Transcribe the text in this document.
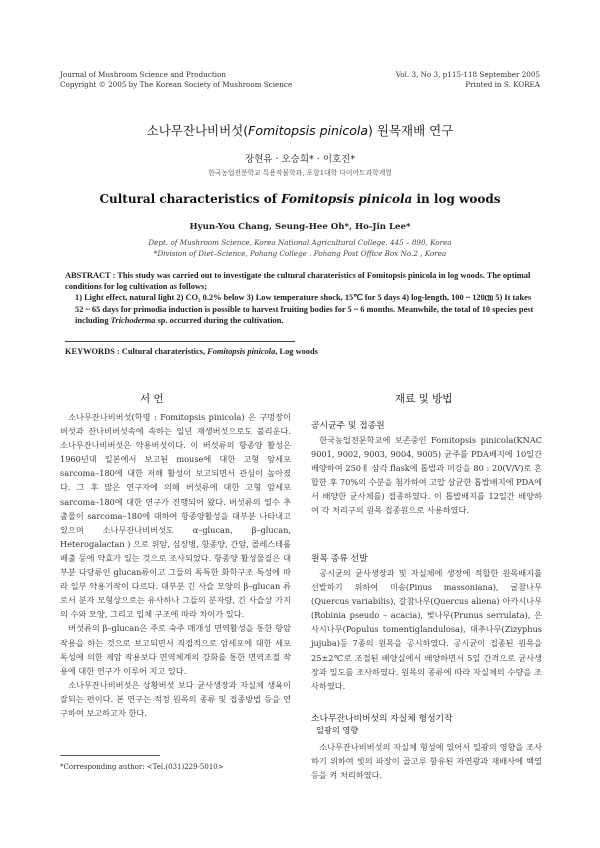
Journal of Mushroom Science and Production
Copyright © 2005 by The Korean Society of Mushroom Science
Vol. 3, No 3, p115-118 September 2005
Printed in S. KOREA
소나무잔나비버섯(Fomitopsis pinicola) 원목재배 연구
장현유 · 오승희* · 이호진*
한국농업전문학교 특용작물학과, 포항1대학 다이어트과학계열
Cultural characteristics of Fomitopsis pinicola in log woods
Hyun-You Chang, Seung-Hee Oh*, Ho-Jin Lee*
Dept. of Mushroom Science, Korea National Agricultural College. 445 – 890, Korea
*Division of Diet–Science, Pohang College . Pohang Post Office Box No.2 , Korea

ABSTRACT : This study was carried out to investigate the cultural charateristics of Fomitopsis pinicola in log woods. The optimal conditions for log cultivation as follows;

1) Light effect, natural light 2) CO₂ 0.2% below 3) Low temperature shock, 15℃ for 5 days 4) log-length, 100 ~ 120㎝ 5) It takes 52 ~ 65 days for primodia induction is possible to harvest fruiting bodies for 5 ~ 6 months. Meanwhile, the total of 10 species pest including Trichoderma sp. occurred during the cultivation.

KEYWORDS : Cultural charateristics, Fomitopsis pinicola, Log woods
서 언

소나무잔나비버섯(학명 : Fomitopsis pinicola) 은 구멍장이버섯과 잔나비버섯속에 속하는 일년 재생버섯으로도 불리운다. 소나무잔나비버섯은 약용버섯이다. 이 버섯류의 항종양 활성은 1960년대 일본에서 보고된 mouse에 대한 고형 암세포 sarcoma–180에 대한 저해 활성이 보고되면서 관심이 높아졌다. 그 후 많은 연구자에 의해 버섯류에 대한 고형 암세포 sarcoma–180에 대한 연구가 진행되어 왔다. 버섯류의 열수 추출물이 sarcoma–180에 대하여 항종양활성을 대부분 나타내고 있으며 소나무잔나비버섯도 α–glucan, β–glucan, Heterogalactan ) 으로 위암, 심장병, 항종양, 간암, 콜레스테롤 배출 등에 약효가 있는 것으로 조사되었다. 항종양 활성물질은 대부분 다당류인 glucan류이고 그들의 독특한 화학구조 특성에 따라 일부 약용기작이 다르다. 대부분 긴 사슬 모양의 β–glucan 류로서 분자 모형상으로는 유사하나 그들의 분자량, 긴 사슬상 가지의 수와 모양, 그리고 입체 구조에 따라 차이가 있다.

버섯류의 β–glucan은 주로 숙주 매개성 면역활성을 통한 항암작용을 하는 것으로 보고되면서 직접적으로 암세포에 대한 세포 독성에 의한 제암 작용보다 면역체계의 강화를 통한 면역조절 작용에 대한 연구가 이루어 지고 있다.

소나무잔나비버섯은 상황버섯 보다 균사생장과 자실체 생육이 잘되는 편이다. 본 연구는 적정 원목의 종류 및 접종방법 등을 연구하여 보고하고자 한다.

재료 및 방법
공시균주 및 접종원

한국농업전문학교에 보존중인 Fomitopsis pinicola(KNAC 9001, 9002, 9003, 9004, 9005) 균주를 PDA배지에 10일간 배양하여 250ㅖ 삼각 flask에 톱밥과 미강을 80 : 20(V/V)로 혼합한 후 70%의 수분을 첨가하여 고압 살균한 톱밥배지에 PDA에서 배양한 균사체를) 접종하였다. 이 톱밥배지를 12일간 배양하여 각 처리구의 원목 접종원으로 사용하였다.

원목 종류 선발

공시균의 균사생장과 및 자실체에 생장에 적합한 원목배지를 선발하기 위하여 미송(Pinus massoniana), 굴참나무(Quercus variabilis), 갈참나무(Quercus aliena) 아카시나무(Robinia pseudo – acacia), 벚나무(Prunus serrulata), 은사시나무(Populus tomentiglandulosa), 대추나무(Zizyphus jujuba)등 7종의 원목을 공시하였다. 공시균이 접종된 원목을 25±2℃로 조절된 배양실에서 배양하면서 5일 간격으로 균사생장과 밀도를 조사하였다. 원목의 종류에 따라 자실체의 수량을 조사하였다.

소나무잔나비버섯의 자실체 형성기작
일광의 영향

소나무잔나비버섯의 자실체 형성에 있어서 일광의 영향을 조사하기 위하여 빛의 파장이 골고루 함유된 자연광과 재배사에 백열등을 켜 처리하였다.

*Corresponding author: <Tel.(031)229-5010>
